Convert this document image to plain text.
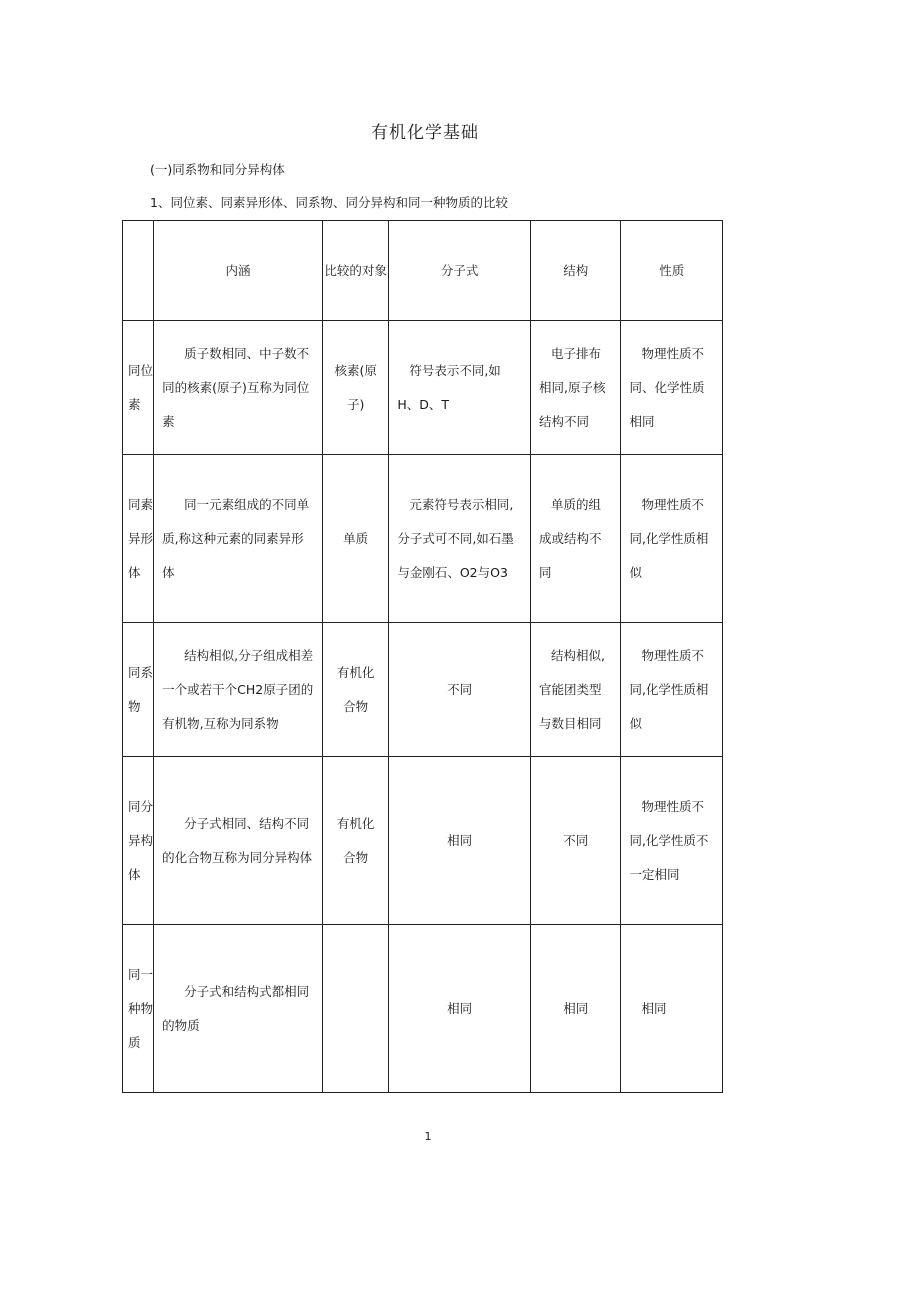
有机化学基础
(一)同系物和同分异构体
1、同位素、同素异形体、同系物、同分异构和同一种物质的比较
	内涵	比较的对象	分子式	结构	性质
同位素	质子数相同、中子数不同的核素(原子)互称为同位素	核素(原子)	符号表示不同,如H、D、T	电子排布相同,原子核结构不同	物理性质不同、化学性质相同
同素异形体	同一元素组成的不同单质,称这种元素的同素异形体	单质	元素符号表示相同,分子式可不同,如石墨与金刚石、O2与O3	单质的组成或结构不同	物理性质不同,化学性质相似
同系物	结构相似,分子组成相差一个或若干个CH2原子团的有机物,互称为同系物	有机化合物	不同	结构相似,官能团类型与数目相同	物理性质不同,化学性质相似
同分异构体	分子式相同、结构不同的化合物互称为同分异构体	有机化合物	相同	不同	物理性质不同,化学性质不一定相同
同一种物质	分子式和结构式都相同的物质		相同	相同	相同
1
